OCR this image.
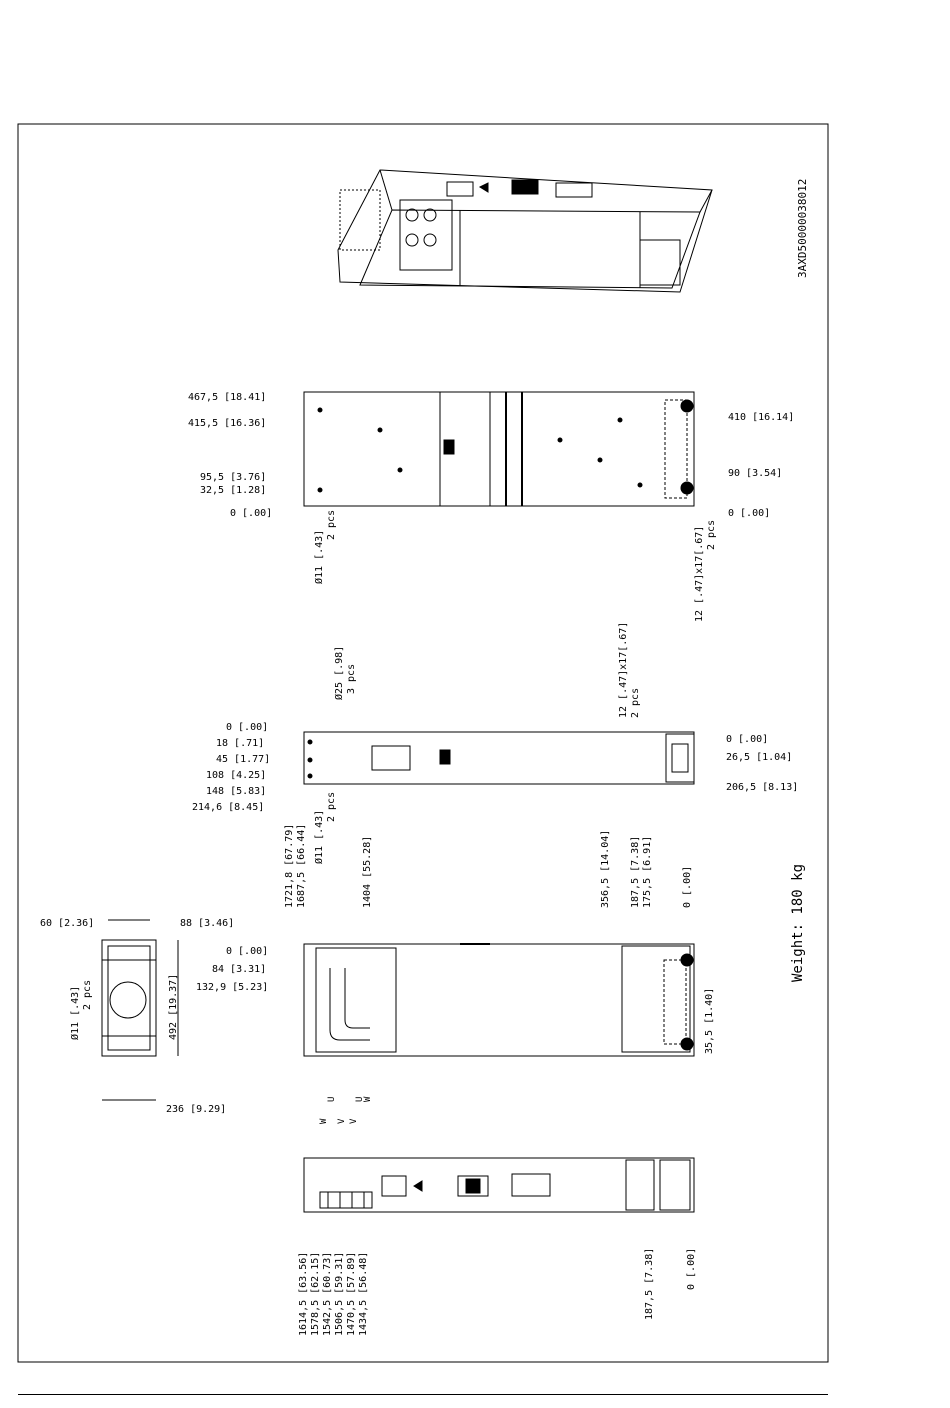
3AXD50000038012
467,5 [18.41]
415,5 [16.36]
95,5 [3.76]
32,5 [1.28]
0 [.00]
410 [16.14]
90 [3.54]
0 [.00]
Ø11 [.43]
2 pcs
12 [.47]x17[.67] 2 pcs
0 [.00]
18 [.71]
45 [1.77]
108 [4.25]
148 [5.83]
214,6 [8.45]
Ø25 [.98] 3 pcs
Ø11 [.43]
2 pcs
12 [.47]x17[.67] 2 pcs
0 [.00]
26,5 [1.04]
206,5 [8.13]
60 [2.36]	88 [3.46]
Ø11 [.43] 2 pcs	492 [19.37]
236 [9.29]
1721,8 [67.79] 1687,5 [66.44]	1404 [55.28]	356,5 [14.04] 187,5 [7.38] 175,5 [6.91]	0 [.00]
0 [.00]
84 [3.31]
132,9 [5.23]
35,5 [1.40]
Weight: 180 kg
W V
U	W
V
U
1614,5 [63.56] 1578,5 [62.15] 1542,5 [60.73] 1506,5 [59.31] 1470,5 [57.89] 1434,5 [56.48]	187,5 [7.38]	0 [.00]
